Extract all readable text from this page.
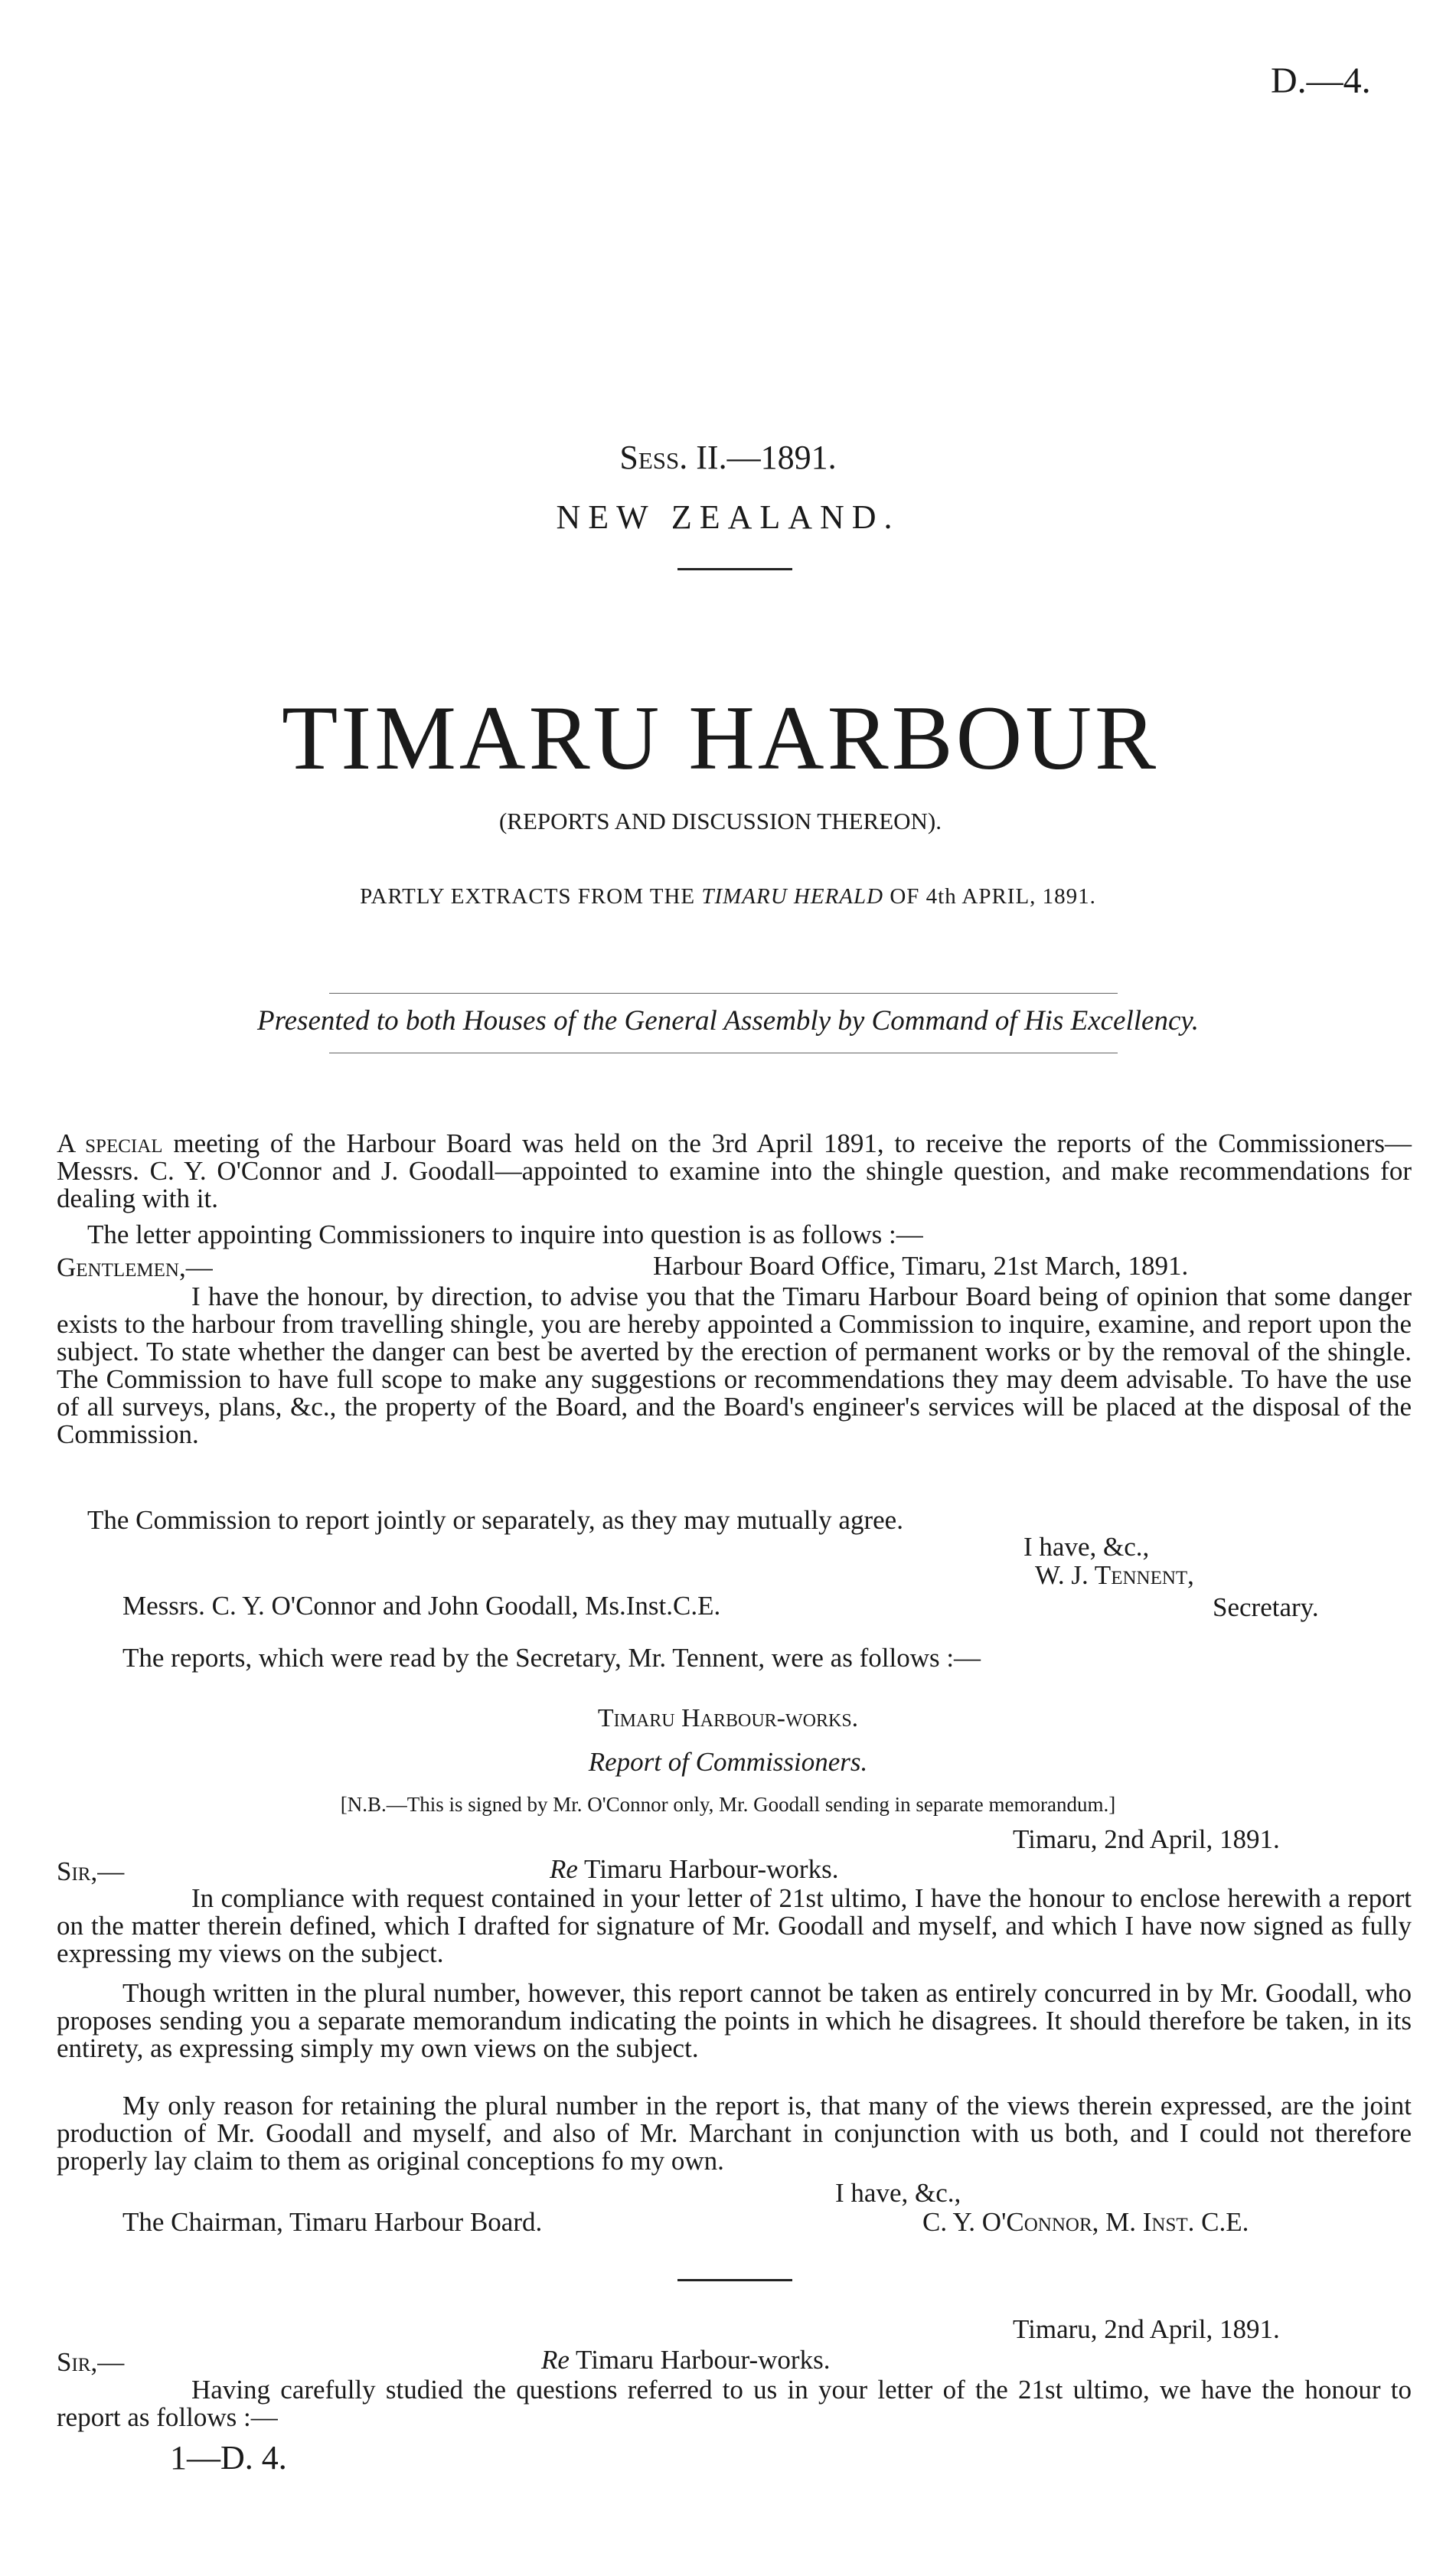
D.—4.
Sess. II.—1891.
NEW ZEALAND.
TIMARU HARBOUR
(REPORTS AND DISCUSSION THEREON).
PARTLY EXTRACTS FROM THE TIMARU HERALD OF 4th APRIL, 1891.
Presented to both Houses of the General Assembly by Command of His Excellency.
A special meeting of the Harbour Board was held on the 3rd April 1891, to receive the reports of the Commissioners—Messrs. C. Y. O'Connor and J. Goodall—appointed to examine into the shingle question, and make recommendations for dealing with it.
The letter appointing Commissioners to inquire into question is as follows :—
Gentlemen,—	Harbour Board Office, Timaru, 21st March, 1891.
I have the honour, by direction, to advise you that the Timaru Harbour Board being of opinion that some danger exists to the harbour from travelling shingle, you are hereby appointed a Commission to inquire, examine, and report upon the subject. To state whether the danger can best be averted by the erection of permanent works or by the removal of the shingle. The Commission to have full scope to make any suggestions or recommendations they may deem advisable. To have the use of all surveys, plans, &c., the property of the Board, and the Board's engineer's services will be placed at the disposal of the Commission.
The Commission to report jointly or separately, as they may mutually agree.
I have, &c.,
W. J. Tennent,
Messrs. C. Y. O'Connor and John Goodall, Ms.Inst.C.E.	Secretary.
The reports, which were read by the Secretary, Mr. Tennent, were as follows :—
Timaru Harbour-works.
Report of Commissioners.
[N.B.—This is signed by Mr. O'Connor only, Mr. Goodall sending in separate memorandum.]
Timaru, 2nd April, 1891.
Sir,—	Re Timaru Harbour-works.
In compliance with request contained in your letter of 21st ultimo, I have the honour to enclose herewith a report on the matter therein defined, which I drafted for signature of Mr. Goodall and myself, and which I have now signed as fully expressing my views on the subject.
Though written in the plural number, however, this report cannot be taken as entirely concurred in by Mr. Goodall, who proposes sending you a separate memorandum indicating the points in which he disagrees. It should therefore be taken, in its entirety, as expressing simply my own views on the subject.
My only reason for retaining the plural number in the report is, that many of the views therein expressed, are the joint production of Mr. Goodall and myself, and also of Mr. Marchant in conjunction with us both, and I could not therefore properly lay claim to them as original conceptions fo my own.
I have, &c.,
The Chairman, Timaru Harbour Board.	C. Y. O'Connor, M. Inst. C.E.
Timaru, 2nd April, 1891.
Sir,—	Re Timaru Harbour-works.
Having carefully studied the questions referred to us in your letter of the 21st ultimo, we have the honour to report as follows :—
1—D. 4.
